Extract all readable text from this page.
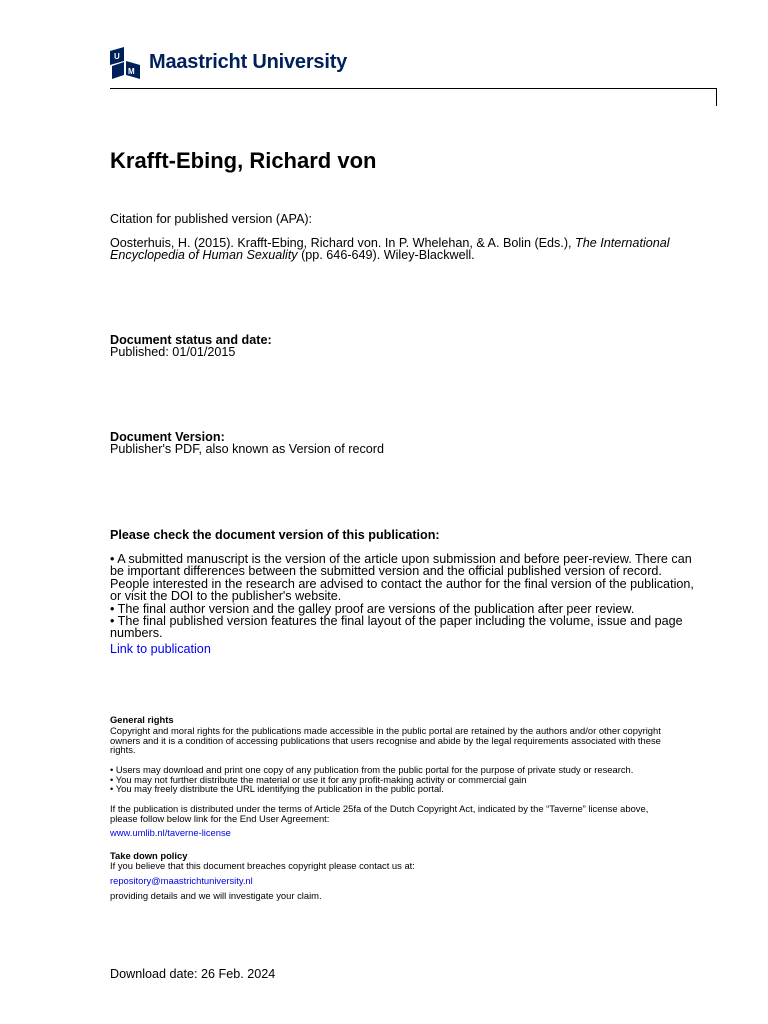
U
M Maastricht University
Krafft-Ebing, Richard von
Citation for published version (APA):
Oosterhuis, H. (2015). Krafft-Ebing, Richard von. In P. Whelehan, & A. Bolin (Eds.), The International
Encyclopedia of Human Sexuality (pp. 646-649). Wiley-Blackwell.
Document status and date:
Published: 01/01/2015
Document Version:
Publisher's PDF, also known as Version of record
Please check the document version of this publication:
• A submitted manuscript is the version of the article upon submission and before peer-review. There can
be important differences between the submitted version and the official published version of record.
People interested in the research are advised to contact the author for the final version of the publication,
or visit the DOI to the publisher's website.
• The final author version and the galley proof are versions of the publication after peer review.
• The final published version features the final layout of the paper including the volume, issue and page
numbers.
Link to publication
General rights
Copyright and moral rights for the publications made accessible in the public portal are retained by the authors and/or other copyright
owners and it is a condition of accessing publications that users recognise and abide by the legal requirements associated with these
rights.
• Users may download and print one copy of any publication from the public portal for the purpose of private study or research.
• You may not further distribute the material or use it for any profit-making activity or commercial gain
• You may freely distribute the URL identifying the publication in the public portal.
If the publication is distributed under the terms of Article 25fa of the Dutch Copyright Act, indicated by the “Taverne” license above,
please follow below link for the End User Agreement:
www.umlib.nl/taverne-license
Take down policy
If you believe that this document breaches copyright please contact us at:
repository@maastrichtuniversity.nl
providing details and we will investigate your claim.
Download date: 26 Feb. 2024
